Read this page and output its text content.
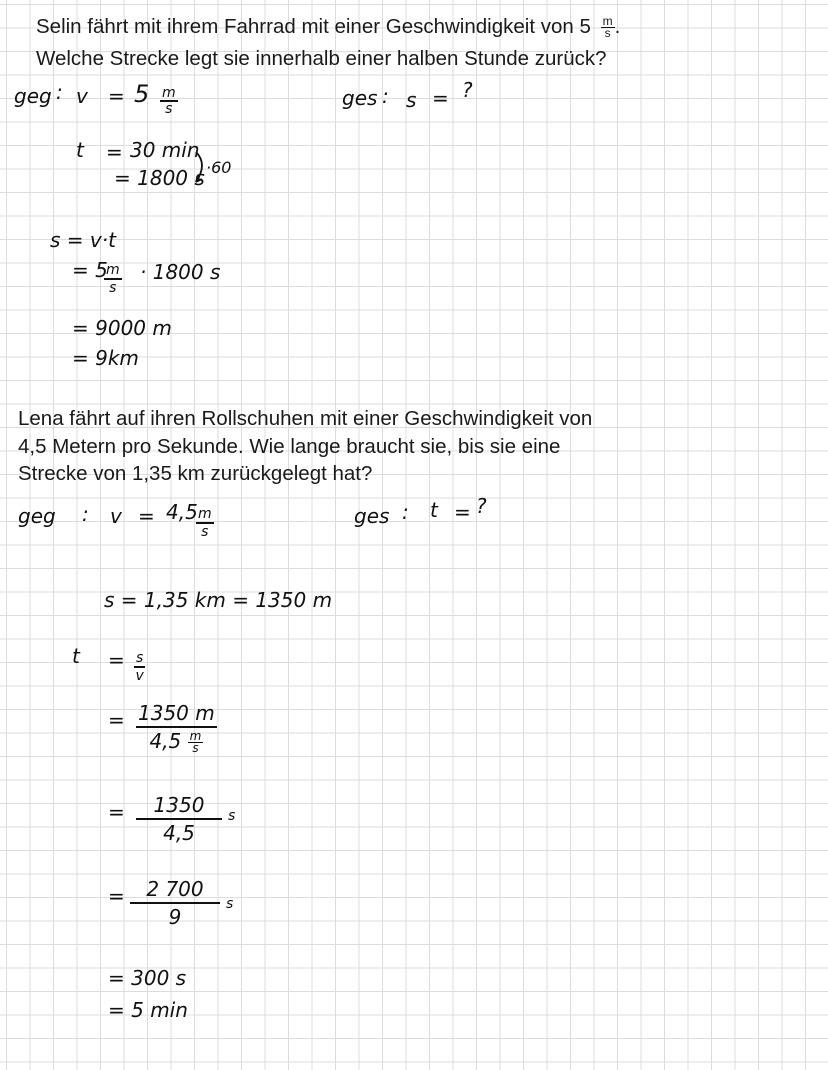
Selin fährt mit ihrem Fahrrad mit einer Geschwindigkeit von $5 \frac{m}{s}$ .
Welche Strecke legt sie innerhalb einer halben Stunde zurück?
geg : $v = 5 \frac{m}{s}$	ges : s = ?
t = 30 min
·60
= 1800 s
s = v·t
= 5
$\frac{m}{s} \cdot 1800$ s
= 9000 m
= 9km
Lena fährt auf ihren Rollschuhen mit einer Geschwindigkeit von
4,5 Metern pro Sekunde. Wie lange braucht sie, bis sie eine
Strecke von 1,35 km zurückgelegt hat?
geg : v = 4,5
$\frac{m}{s}$	ges : t = ?
s = 1,35 km = 1350 m
$t = \frac{s}{v}$
= $\frac{1350 m}{4,5 \frac{m}{s}}$
= $\frac{1350}{4,5}$ s
= $\frac{2 700}{9}$ s
= 300 s
= 5 min
